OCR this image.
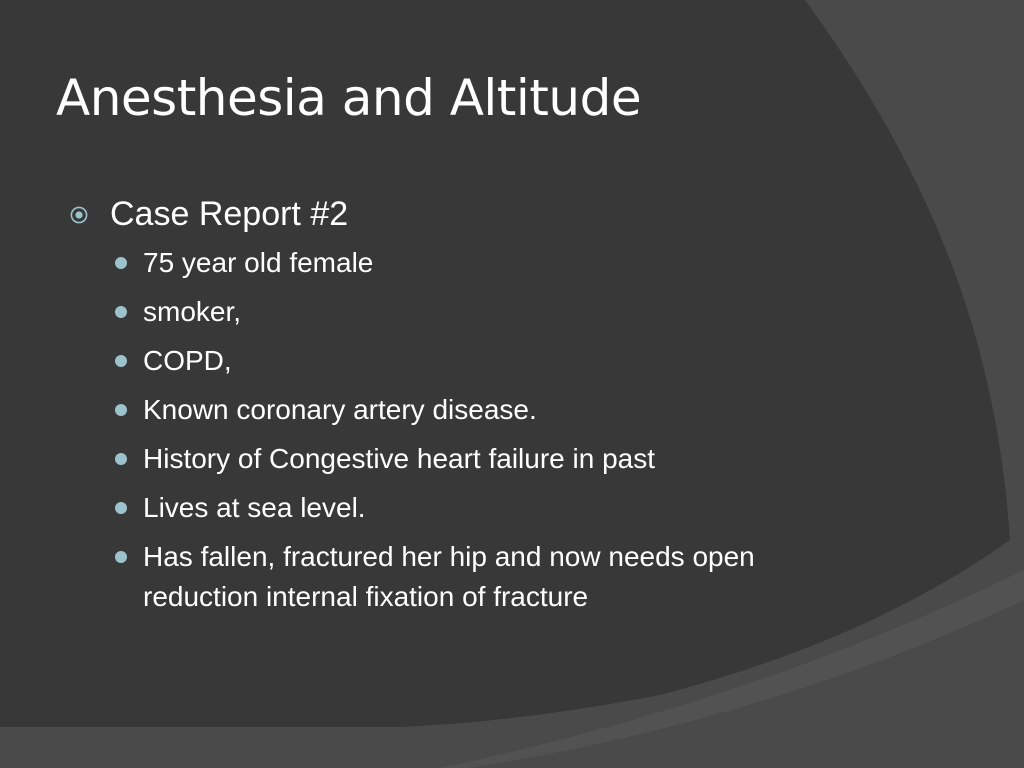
Anesthesia and Altitude
Case Report #2
75 year old female
smoker,
COPD,
Known coronary artery disease.
History of Congestive heart failure in past
Lives at sea level.
Has fallen, fractured her hip and now needs open reduction internal fixation of fracture
